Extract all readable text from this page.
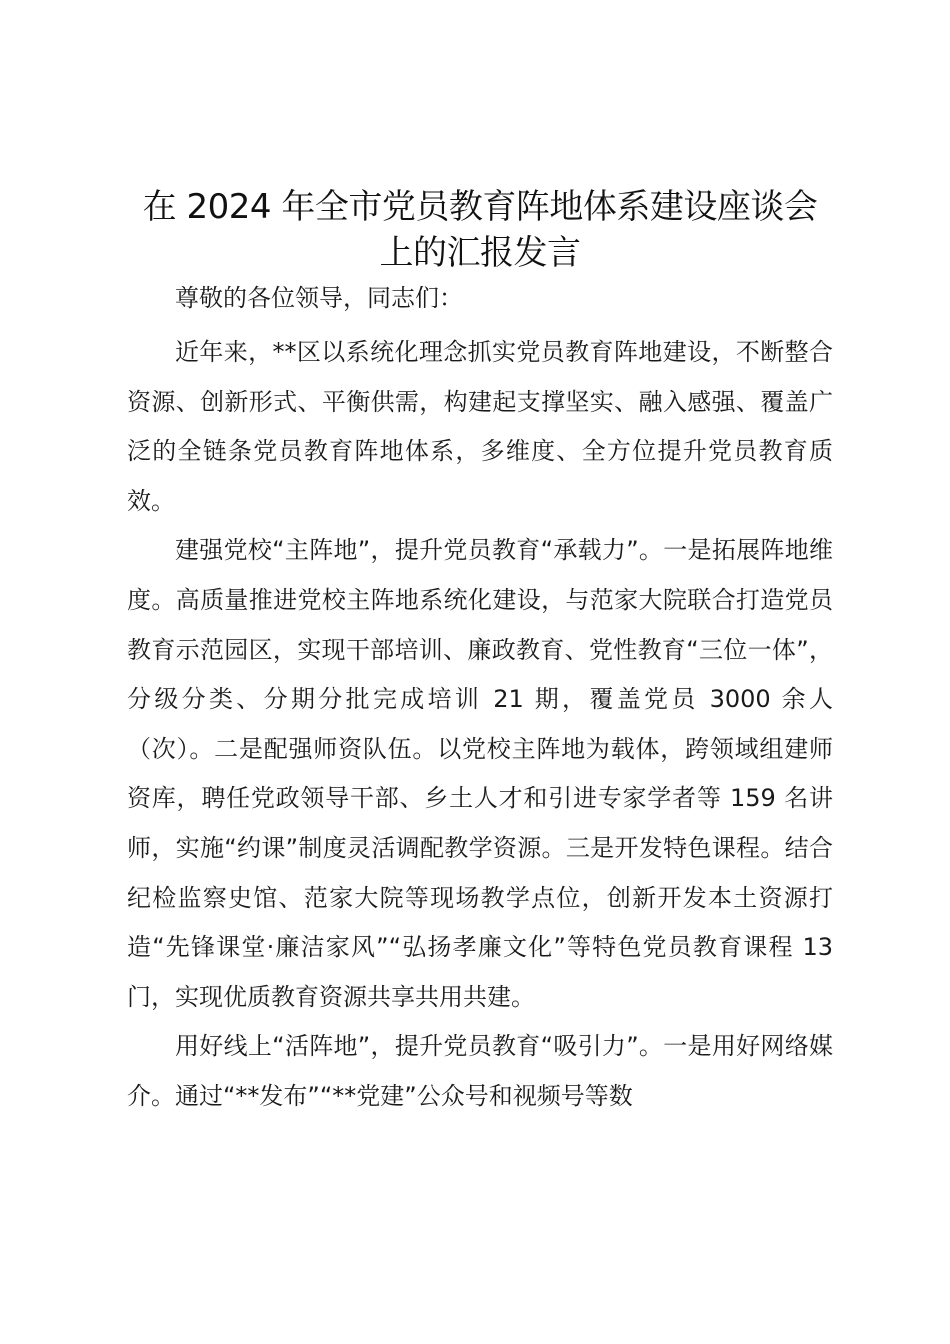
在 2024 年全市党员教育阵地体系建设座谈会
上的汇报发言

尊敬的各位领导，同志们：

近年来，**区以系统化理念抓实党员教育阵地建设，不断整合资源、创新形式、平衡供需，构建起支撑坚实、融入感强、覆盖广泛的全链条党员教育阵地体系，多维度、全方位提升党员教育质效。

建强党校“主阵地”，提升党员教育“承载力”。一是拓展阵地维度。高质量推进党校主阵地系统化建设，与范家大院联合打造党员教育示范园区，实现干部培训、廉政教育、党性教育“三位一体”，分级分类、分期分批完成培训 21 期，覆盖党员 3000 余人（次）。二是配强师资队伍。以党校主阵地为载体，跨领域组建师资库，聘任党政领导干部、乡土人才和引进专家学者等 159 名讲师，实施“约课”制度灵活调配教学资源。三是开发特色课程。结合纪检监察史馆、范家大院等现场教学点位，创新开发本土资源打造“先锋课堂·廉洁家风”“弘扬孝廉文化”等特色党员教育课程 13 门，实现优质教育资源共享共用共建。

用好线上“活阵地”，提升党员教育“吸引力”。一是用好网络媒介。通过“**发布”“**党建”公众号和视频号等数
